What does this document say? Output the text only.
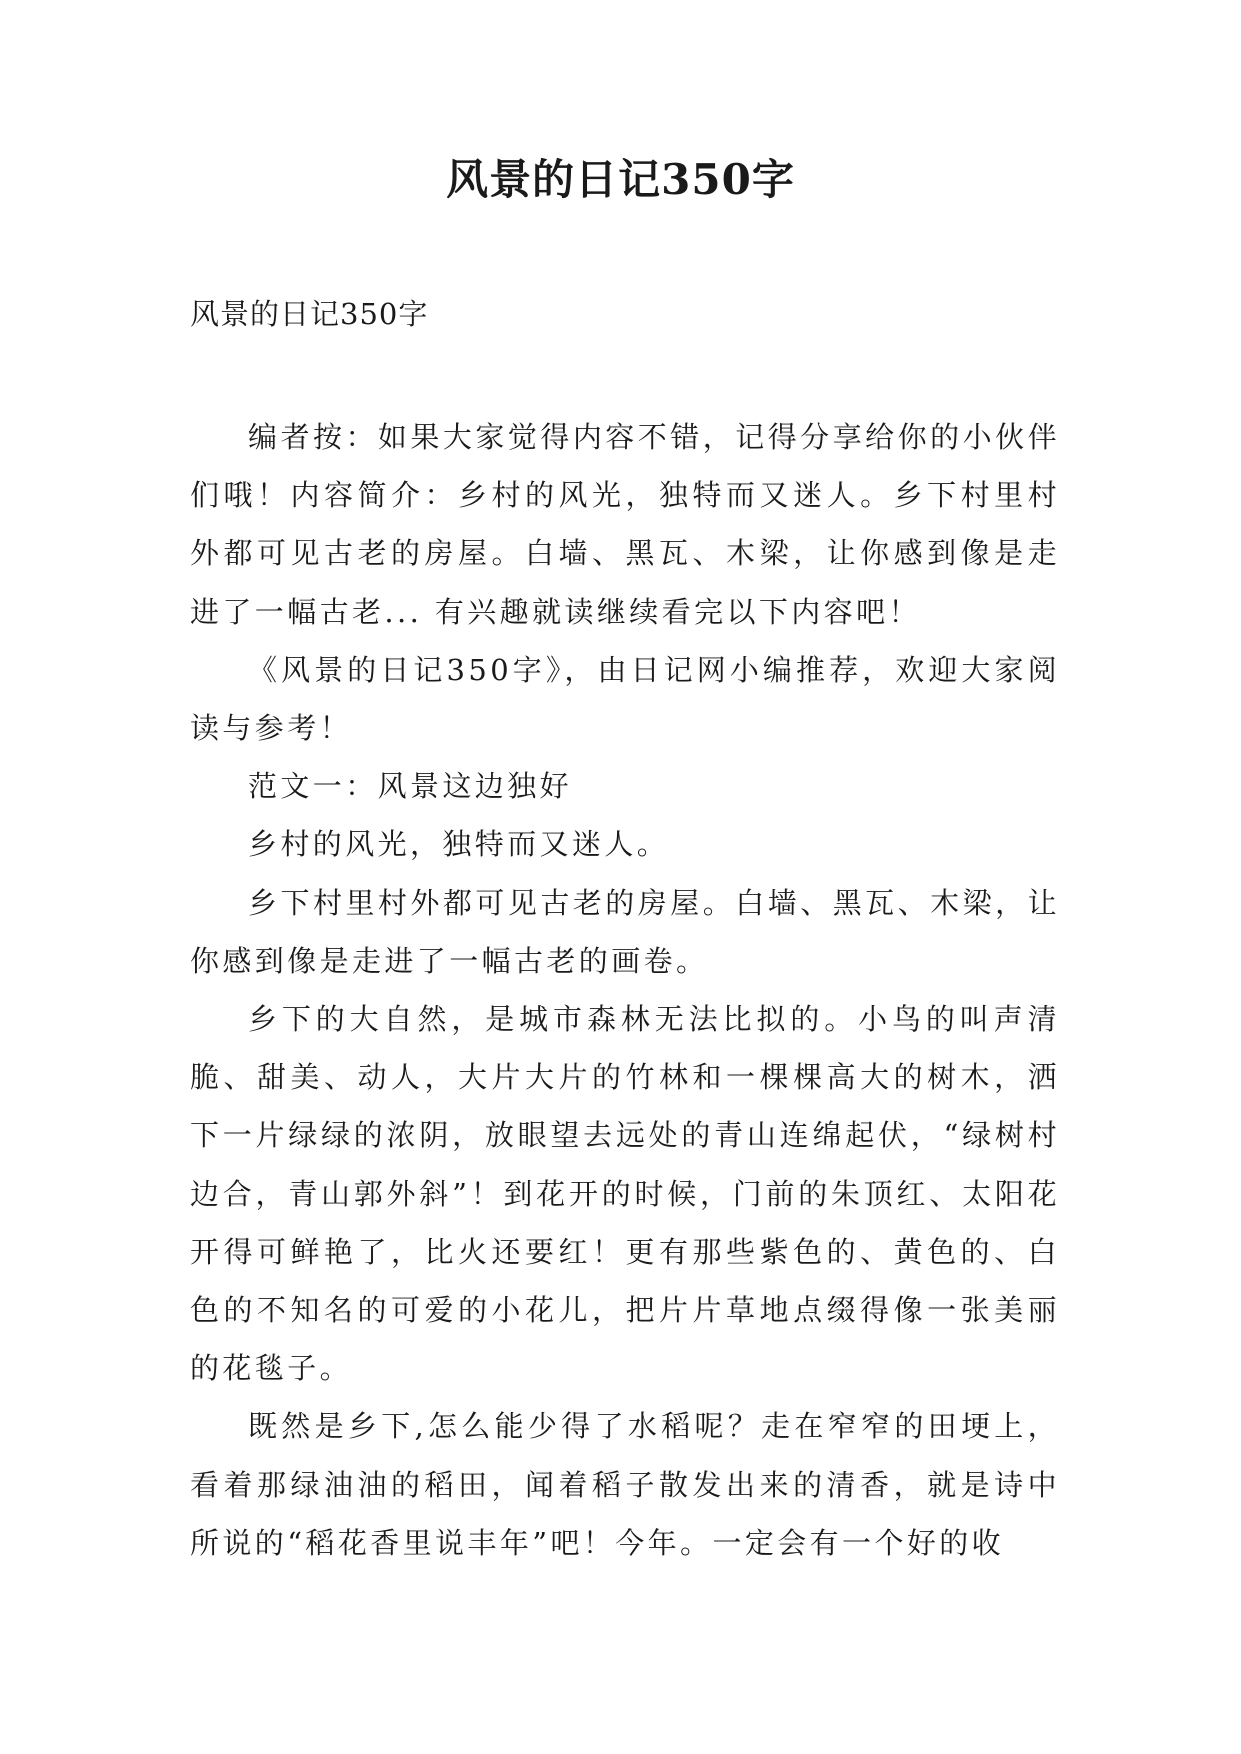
风景的日记350字
风景的日记350字

编者按：如果大家觉得内容不错，记得分享给你的小伙伴们哦！内容简介：乡村的风光，独特而又迷人。乡下村里村外都可见古老的房屋。白墙、黑瓦、木梁，让你感到像是走进了一幅古老... 有兴趣就读继续看完以下内容吧！

《风景的日记350字》，由日记网小编推荐，欢迎大家阅读与参考！

范文一：风景这边独好

乡村的风光，独特而又迷人。

乡下村里村外都可见古老的房屋。白墙、黑瓦、木梁，让你感到像是走进了一幅古老的画卷。

乡下的大自然，是城市森林无法比拟的。小鸟的叫声清脆、甜美、动人，大片大片的竹林和一棵棵高大的树木，洒下一片绿绿的浓阴，放眼望去远处的青山连绵起伏，“绿树村边合，青山郭外斜”！到花开的时候，门前的朱顶红、太阳花开得可鲜艳了，比火还要红！更有那些紫色的、黄色的、白色的不知名的可爱的小花儿，把片片草地点缀得像一张美丽的花毯子。

既然是乡下,怎么能少得了水稻呢？走在窄窄的田埂上，看着那绿油油的稻田，闻着稻子散发出来的清香，就是诗中所说的“稻花香里说丰年”吧！今年。一定会有一个好的收
